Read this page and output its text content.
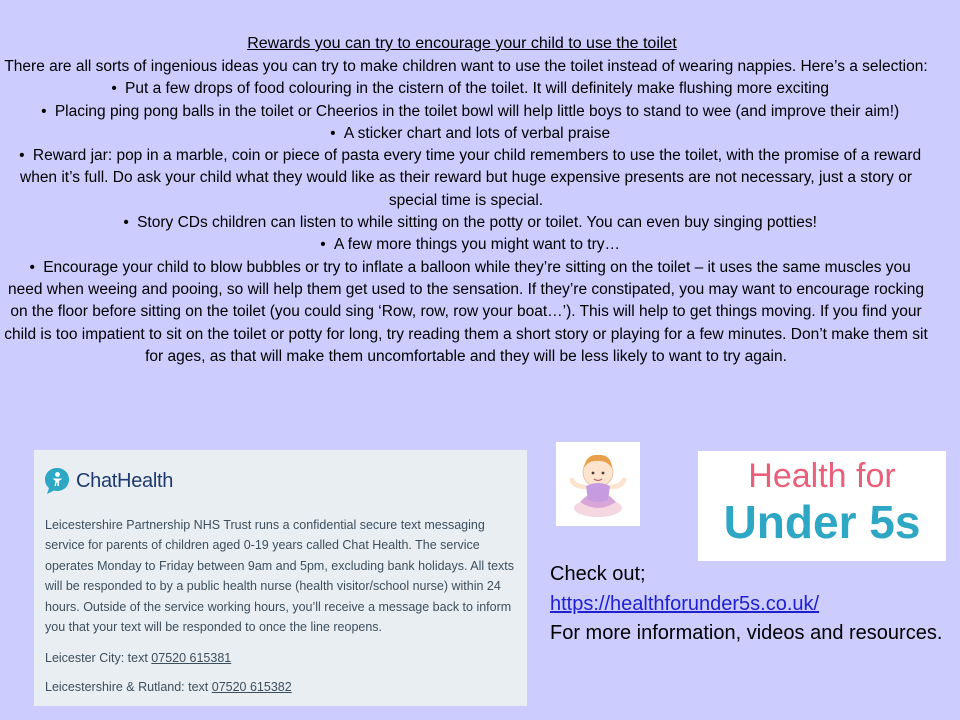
Rewards you can try to encourage your child to use the toilet

There are all sorts of ingenious ideas you can try to make children want to use the toilet instead of wearing nappies. Here’s a selection:

• Put a few drops of food colouring in the cistern of the toilet. It will definitely make flushing more exciting
• Placing ping pong balls in the toilet or Cheerios in the toilet bowl will help little boys to stand to wee (and improve their aim!)
• A sticker chart and lots of verbal praise
• Reward jar: pop in a marble, coin or piece of pasta every time your child remembers to use the toilet, with the promise of a reward when it’s full. Do ask your child what they would like as their reward but huge expensive presents are not necessary, just a story or special time is special.
• Story CDs children can listen to while sitting on the potty or toilet. You can even buy singing potties!
• A few more things you might want to try…
• Encourage your child to blow bubbles or try to inflate a balloon while they’re sitting on the toilet – it uses the same muscles you need when weeing and pooing, so will help them get used to the sensation. If they’re constipated, you may want to encourage rocking on the floor before sitting on the toilet (you could sing ‘Row, row, row your boat…’). This will help to get things moving. If you find your child is too impatient to sit on the toilet or potty for long, try reading them a short story or playing for a few minutes. Don’t make them sit for ages, as that will make them uncomfortable and they will be less likely to want to try again.
ChatHealth
Leicestershire Partnership NHS Trust runs a confidential secure text messaging service for parents of children aged 0-19 years called Chat Health. The service operates Monday to Friday between 9am and 5pm, excluding bank holidays. All texts will be responded to by a public health nurse (health visitor/school nurse) within 24 hours. Outside of the service working hours, you’ll receive a message back to inform you that your text will be responded to once the line reopens.
Leicester City: text 07520 615381
Leicestershire & Rutland: text 07520 615382
Health for
Under 5s
Check out;
https://healthforunder5s.co.uk/
For more information, videos and resources.
